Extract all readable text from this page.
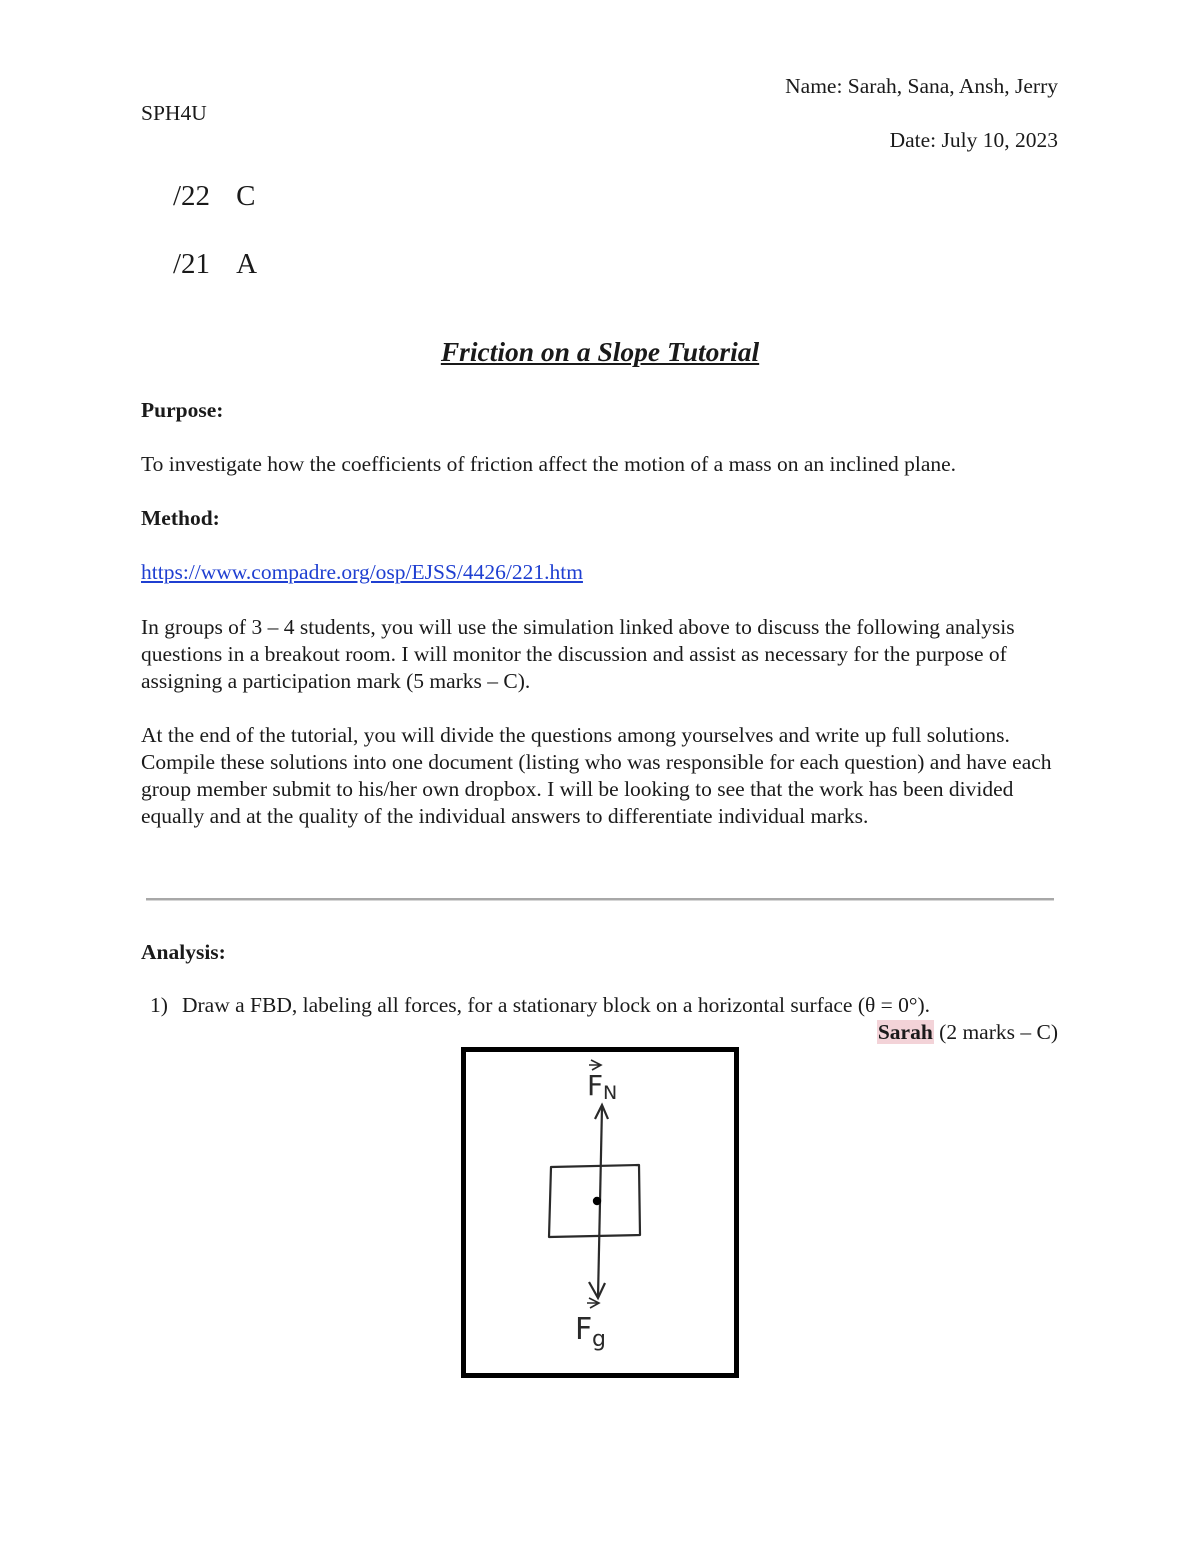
Name: Sarah, Sana, Ansh, Jerry
SPH4U
Date: July 10, 2023
/22 C
/21 A
Friction on a Slope Tutorial
Purpose:
To investigate how the coefficients of friction affect the motion of a mass on an inclined plane.
Method:
https://www.compadre.org/osp/EJSS/4426/221.htm
In groups of 3 – 4 students, you will use the simulation linked above to discuss the following analysis questions in a breakout room. I will monitor the discussion and assist as necessary for the purpose of assigning a participation mark (5 marks – C).
At the end of the tutorial, you will divide the questions among yourselves and write up full solutions. Compile these solutions into one document (listing who was responsible for each question) and have each group member submit to his/her own dropbox. I will be looking to see that the work has been divided equally and at the quality of the individual answers to differentiate individual marks.
Analysis:
1) Draw a FBD, labeling all forces, for a stationary block on a horizontal surface (θ = 0°).
Sarah (2 marks – C)
F N
F g
